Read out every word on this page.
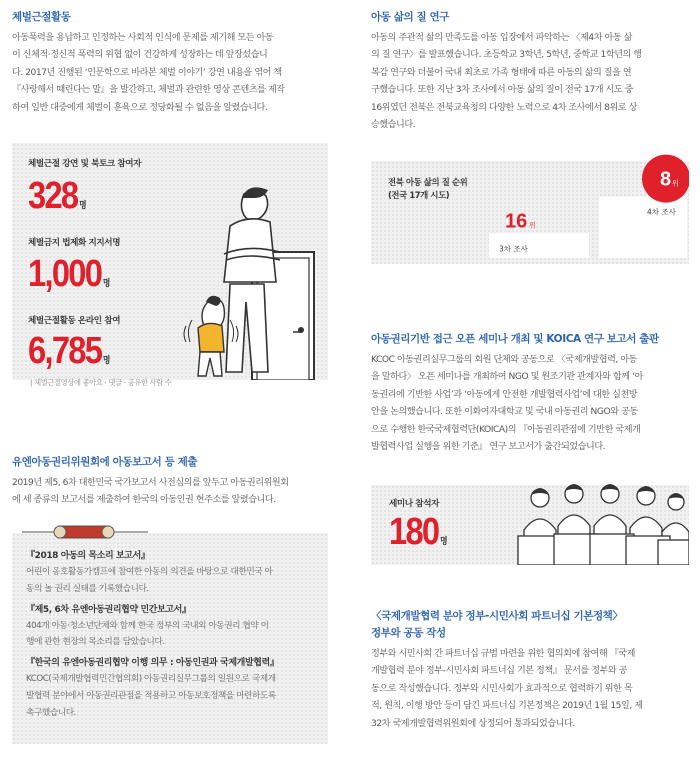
체벌근절활동
아동폭력을 용납하고 인정하는 사회적 인식에 문제를 제기해 모든 아동
이 신체적·정신적 폭력의 위협 없이 건강하게 성장하는 데 앞장섰습니
다. 2017년 진행된 ‘인문학으로 바라본 체벌 이야기’ 강연 내용을 엮어 책
『사랑해서 때린다는 말』을 발간하고, 체벌과 관련한 영상 콘텐츠를 제작
하여 일반 대중에게 체벌이 훈육으로 정당화될 수 없음을 알렸습니다.
체벌근절 강연 및 북토크 참여자
328 명
체벌금지 법제화 지지서명
1,000 명
체벌근절활동 온라인 참여
6,785 명
| 체벌근절영상에 좋아요 · 댓글 · 공유한 사람 수
유엔아동권리위원회에 아동보고서 등 제출
2019년 제5, 6차 대한민국 국가보고서 사전심의를 앞두고 아동권리위원회
에 세 종류의 보고서를 제출하여 한국의 아동인권 현주소를 알렸습니다.
『2018 아동의 목소리 보고서』
어린이 옹호활동가캠프에 참여한 아동의 의견을 바탕으로 대한민국 아
동의 놀 권리 실태를 기록했습니다.
『제5, 6차 유엔아동권리협약 민간보고서』
404개 아동·청소년단체와 함께 한국 정부의 국내외 아동권리 협약 이
행에 관한 현장의 목소리를 담았습니다.
『한국의 유엔아동권리협약 이행 의무 : 아동인권과 국제개발협력』
KCOC(국제개발협력민간협의회) 아동권리실무그룹의 일원으로 국제개
발협력 분야에서 아동권리관점을 적용하고 아동보호정책을 마련하도록
촉구했습니다.
아동 삶의 질 연구
아동의 주관적 삶의 만족도를 아동 입장에서 파악하는 〈제4차 아동 삶
의 질 연구〉를 발표했습니다. 초등학교 3학년, 5학년, 중학교 1학년의 행
복감 연구와 더불어 국내 최초로 가족 형태에 따른 아동의 삶의 질을 연
구했습니다. 또한 지난 3차 조사에서 아동 삶의 질이 전국 17개 시도 중
16위였던 전북은 전북교육청의 다양한 노력으로 4차 조사에서 8위로 상
승했습니다.
전북 아동 삶의 질 순위
(전국 17개 시도)
3차 조사
16 위
4차 조사
8 위
아동권리기반 접근 오픈 세미나 개최 및 KOICA 연구 보고서 출판
KCOC 아동권리실무그룹의 회원 단체와 공동으로 〈국제개발협력, 아동
을 말하다〉 오픈 세미나를 개최하여 NGO 및 원조기관 관계자와 함께 ‘아
동권리에 기반한 사업’과 ‘아동에게 안전한 개발협력사업’에 대한 실천방
안을 논의했습니다. 또한 이화여자대학교 및 국내 아동권리 NGO와 공동
으로 수행한 한국국제협력단(KOICA)의 『아동권리관점에 기반한 국제개
발협력사업 실행을 위한 기준』 연구 보고서가 출간되었습니다.
세미나 참석자
180 명
〈국제개발협력 분야 정부-시민사회 파트너십 기본정책〉
정부와 공동 작성
정부와 시민사회 간 파트너십 규범 마련을 위한 협의회에 참여해 『국제
개발협력 분야 정부-시민사회 파트너십 기본 정책』 문서를 정부와 공
동으로 작성했습니다. 정부와 시민사회가 효과적으로 협력하기 위한 목
적, 원칙, 이행 방안 등이 담긴 파트너십 기본정책은 2019년 1월 15일, 제
32차 국제개발협력위원회에 상정되어 통과되었습니다.
